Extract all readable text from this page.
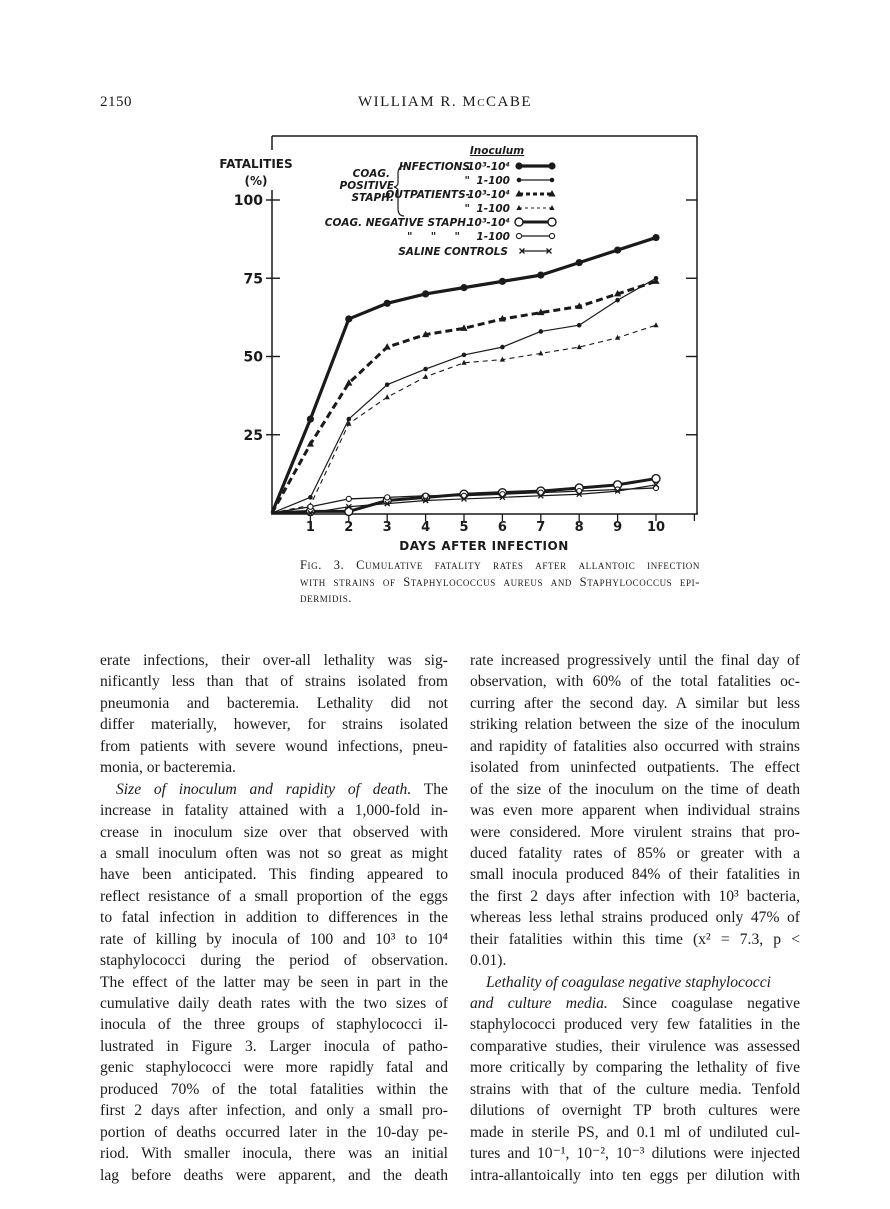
2150	WILLIAM R. McCABE
FATALITIES
(%)
DAYS AFTER INFECTION
25
50
75
100
1 2 3 4 5 6 7 8 9 10
Inoculum
COAG.
POSITIVE
STAPH.
INFECTIONS
10³-10⁴
" 1-100
OUTPATIENTS-
10³-10⁴
" 1-100
COAG. NEGATIVE STAPH.
10³-10⁴
"     "     " 1-100
SALINE CONTROLS
Fig. 3. Cumulative fatality rates after allantoic infection
with strains of Staphylococcus aureus and Staphylococcus epi-
dermidis.
erate infections, their over-all lethality was sig-
nificantly less than that of strains isolated from
pneumonia and bacteremia. Lethality did not
differ materially, however, for strains isolated
from patients with severe wound infections, pneu-
monia, or bacteremia.
Size of inoculum and rapidity of death. The
increase in fatality attained with a 1,000-fold in-
crease in inoculum size over that observed with
a small inoculum often was not so great as might
have been anticipated. This finding appeared to
reflect resistance of a small proportion of the eggs
to fatal infection in addition to differences in the
rate of killing by inocula of 100 and 10³ to 10⁴
staphylococci during the period of observation.
The effect of the latter may be seen in part in the
cumulative daily death rates with the two sizes of
inocula of the three groups of staphylococci il-
lustrated in Figure 3. Larger inocula of patho-
genic staphylococci were more rapidly fatal and
produced 70% of the total fatalities within the
first 2 days after infection, and only a small pro-
portion of deaths occurred later in the 10-day pe-
riod. With smaller inocula, there was an initial
lag before deaths were apparent, and the death
rate increased progressively until the final day of
observation, with 60% of the total fatalities oc-
curring after the second day. A similar but less
striking relation between the size of the inoculum
and rapidity of fatalities also occurred with strains
isolated from uninfected outpatients. The effect
of the size of the inoculum on the time of death
was even more apparent when individual strains
were considered. More virulent strains that pro-
duced fatality rates of 85% or greater with a
small inocula produced 84% of their fatalities in
the first 2 days after infection with 10³ bacteria,
whereas less lethal strains produced only 47% of
their fatalities within this time (x² = 7.3, p <
0.01).
Lethality of coagulase negative staphylococci
and culture media. Since coagulase negative
staphylococci produced very few fatalities in the
comparative studies, their virulence was assessed
more critically by comparing the lethality of five
strains with that of the culture media. Tenfold
dilutions of overnight TP broth cultures were
made in sterile PS, and 0.1 ml of undiluted cul-
tures and 10⁻¹, 10⁻², 10⁻³ dilutions were injected
intra-allantoically into ten eggs per dilution with
